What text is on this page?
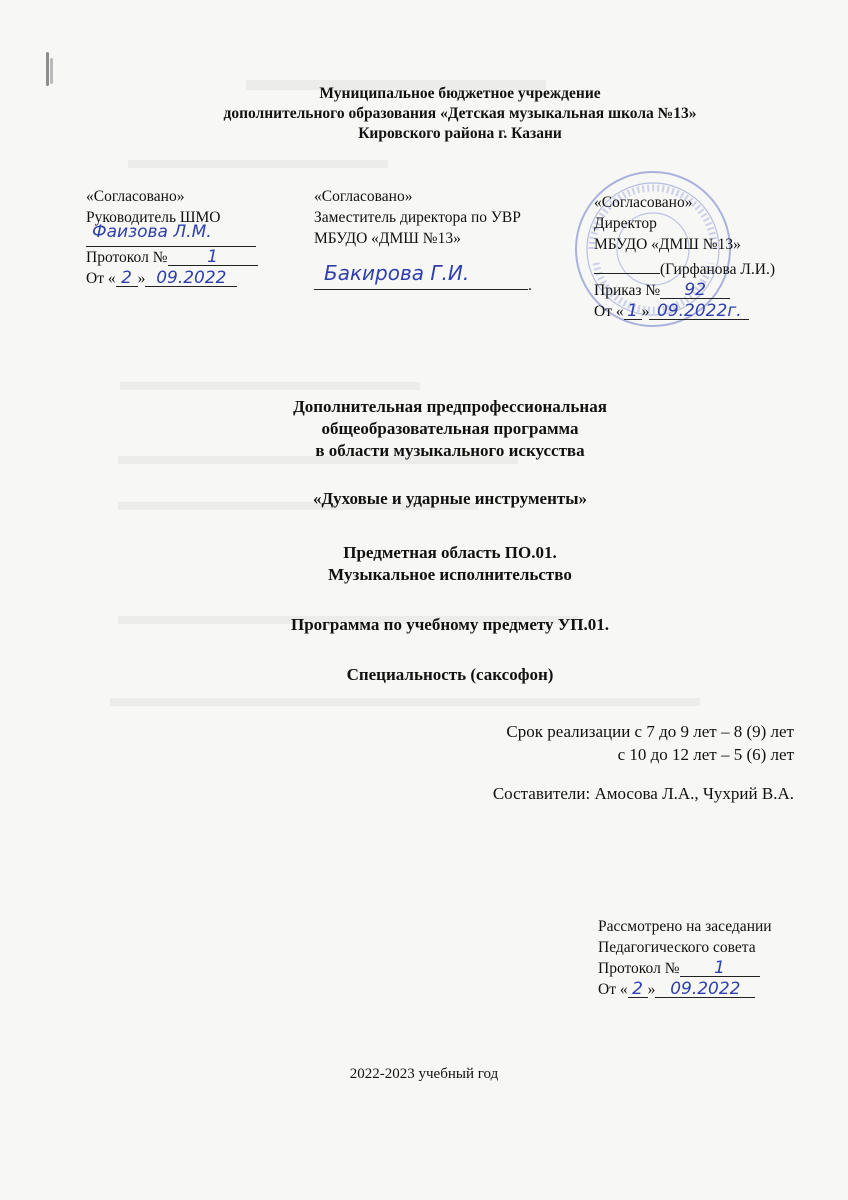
Муниципальное бюджетное учреждение
дополнительного образования «Детская музыкальная школа №13»
Кировского района г. Казани
«Согласовано»
Руководитель ШМО
Фаизова Л.М.
Протокол №	1
От « 2 » 09.2022
«Согласовано»
Заместитель директора по УВР
МБУДО «ДМШ №13»
Бакирова Г.И.
.
«Согласовано»
Директор
МБУДО «ДМШ №13»
(Гирфанова Л.И.)
Приказ №	92
От « 1 » 09.2022г.
Дополнительная предпрофессиональная
общеобразовательная программа
в области музыкального искусства
«Духовые и ударные инструменты»
Предметная область ПО.01.
Музыкальное исполнительство
Программа по учебному предмету УП.01.
Специальность (саксофон)
Срок реализации с 7 до 9 лет – 8 (9) лет
с 10 до 12 лет – 5 (6) лет
Составители: Амосова Л.А., Чухрий В.А.
Рассмотрено на заседании
Педагогического совета
Протокол №	1
От « 2 » 09.2022
2022-2023 учебный год
